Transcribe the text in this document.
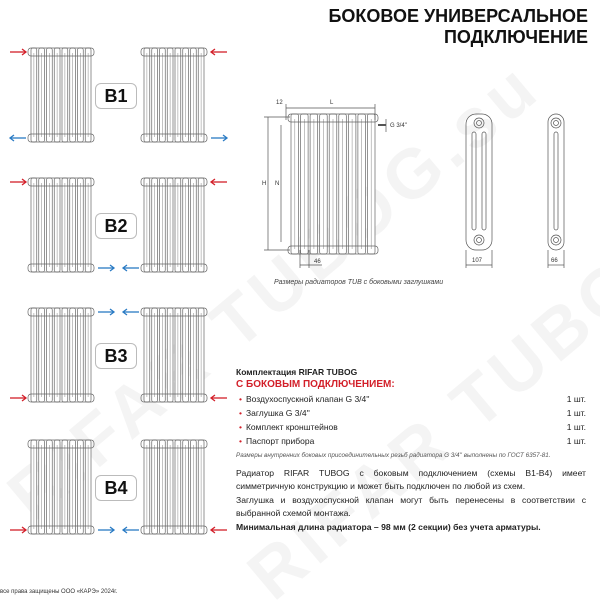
БОКОВОЕ УНИВЕРСАЛЬНОЕ
ПОДКЛЮЧЕНИЕ
B1
B2
B3
B4
L
12
H N
G 3/4''
46	107	66
Размеры радиаторов TUB с боковыми заглушками
Комплектация RIFAR TUBOG
С БОКОВЫМ ПОДКЛЮЧЕНИЕМ:
• Воздухоспускной клапан G 3/4''	1 шт.
• Заглушка G 3/4''	1 шт.
• Комплект кронштейнов	1 шт.
• Паспорт прибора	1 шт.
Размеры внутренних боковых присоединительных резьб радиатора G 3/4'' выполнены по ГОСТ 6357-81.
Радиатор RIFAR TUBOG с боковым подключением (схемы B1-B4) имеет симметричную конструкцию и может быть подключен по любой из схем.
Заглушка и воздухоспускной клапан могут быть перенесены в соответствии с выбранной схемой монтажа.
Минимальная длина радиатора – 98 мм (2 секции) без учета арматуры.
все права защищены ООО «КАРЭ» 2024г.
